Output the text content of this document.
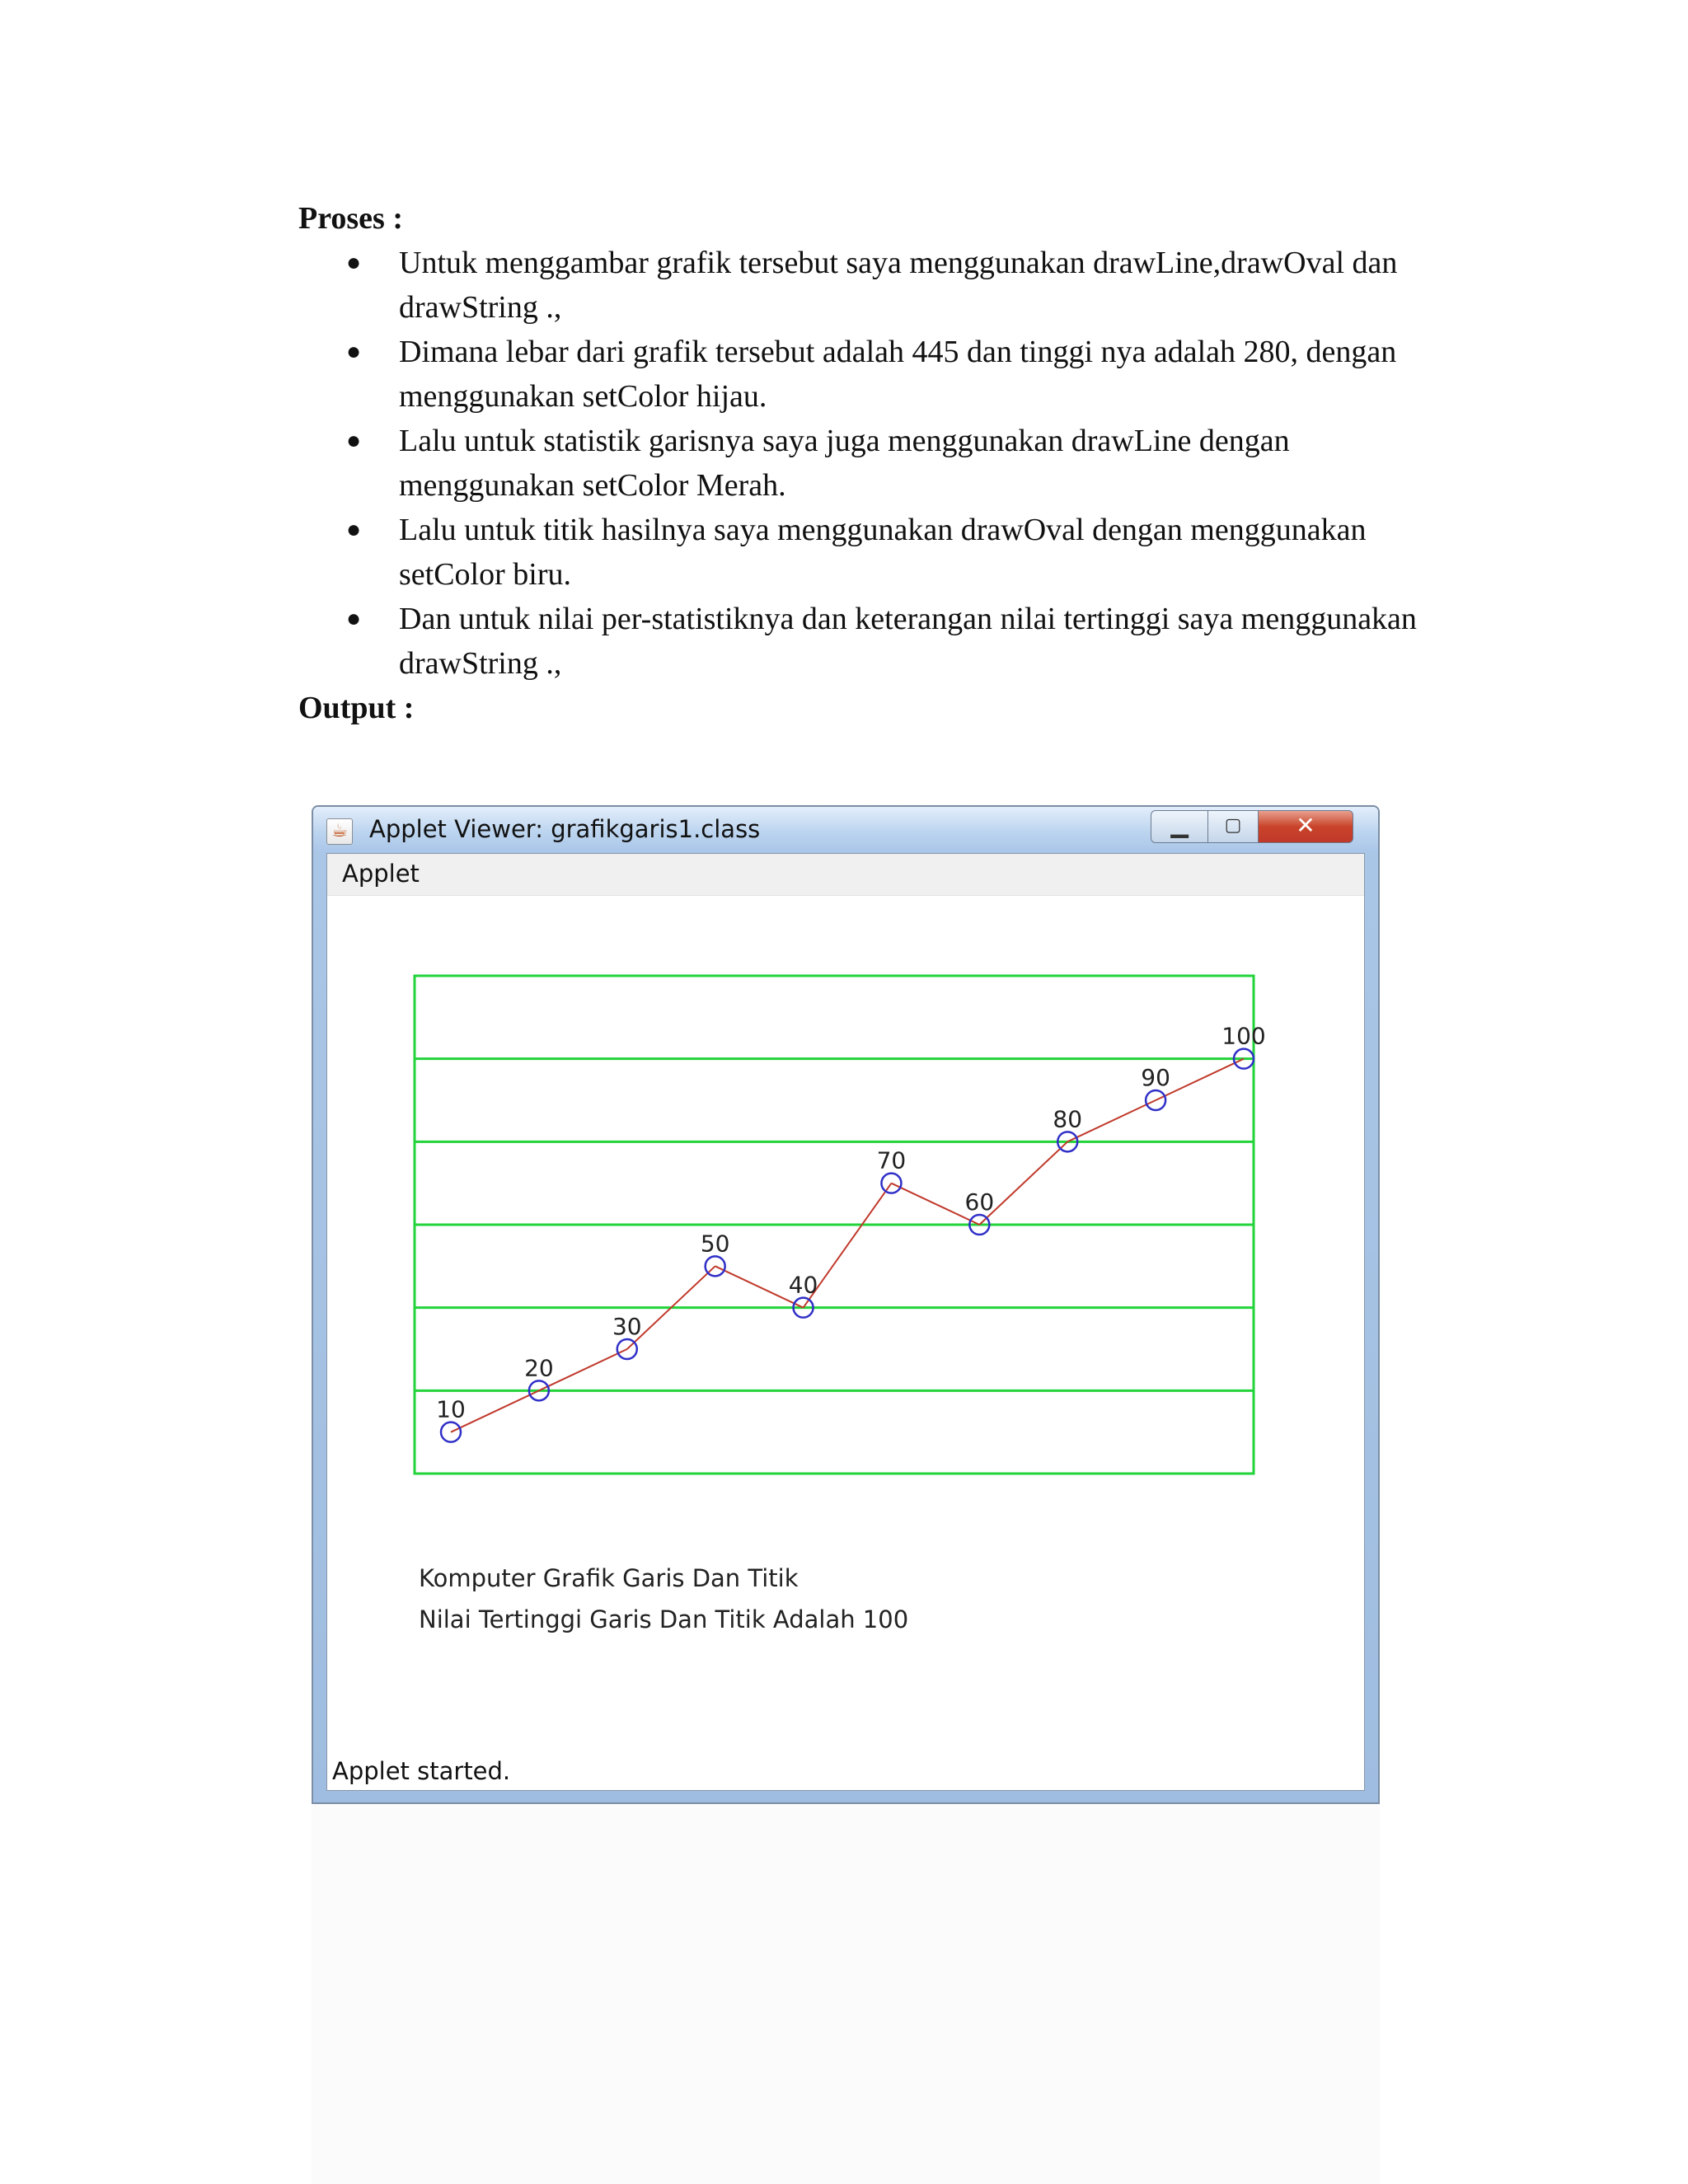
Proses :

● Untuk menggambar grafik tersebut saya menggunakan drawLine,drawOval dan
drawString .,
● Dimana lebar dari grafik tersebut adalah 445 dan tinggi nya adalah 280, dengan
menggunakan setColor hijau.
● Lalu untuk statistik garisnya saya juga menggunakan drawLine dengan
menggunakan setColor Merah.
● Lalu untuk titik hasilnya saya menggunakan drawOval dengan menggunakan
setColor biru.
● Dan untuk nilai per-statistiknya dan keterangan nilai tertinggi saya menggunakan
drawString .,

Output :

☕ Applet Viewer: grafikgaris1.class	▁	▢	✕
Applet
10
20
30
50
40
70
60
80
90
100
Komputer Grafik Garis Dan Titik
Nilai Tertinggi Garis Dan Titik Adalah 100
Applet started.
